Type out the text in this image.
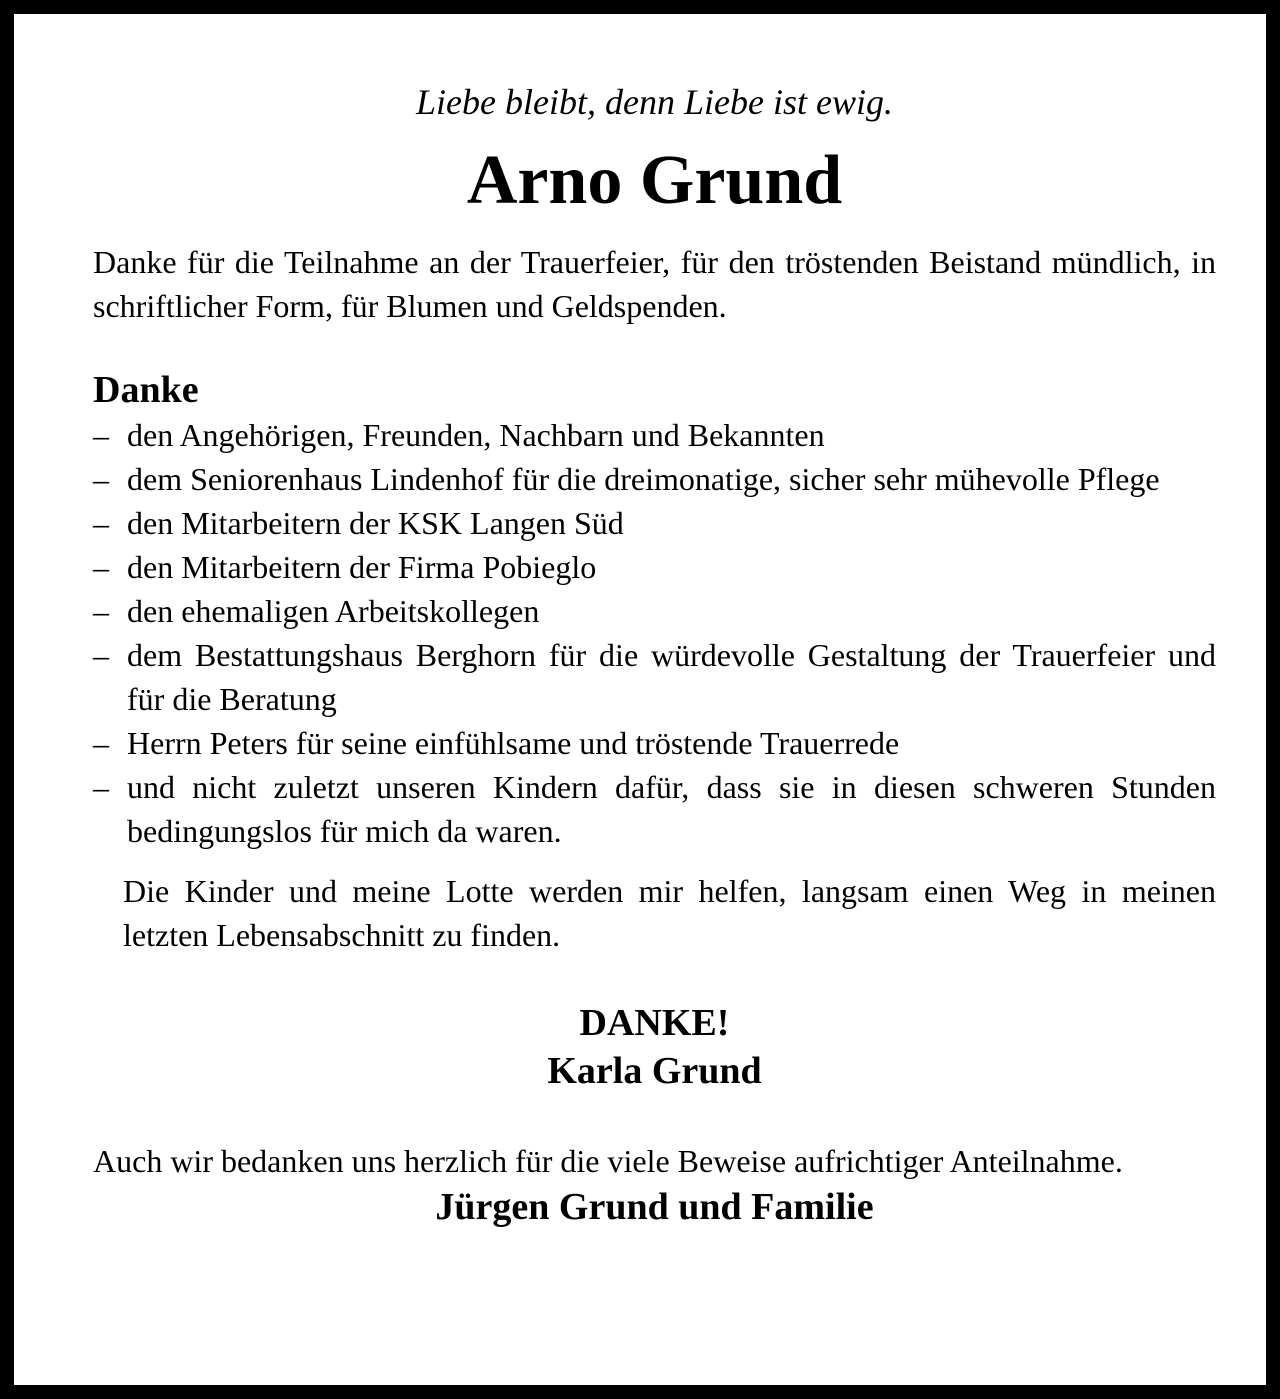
Liebe bleibt, denn Liebe ist ewig.

Arno Grund

Danke für die Teilnahme an der Trauerfeier, für den tröstenden Beistand mündlich, in schriftlicher Form, für Blumen und Geldspenden.

Danke
– den Angehörigen, Freunden, Nachbarn und Bekannten
– dem Seniorenhaus Lindenhof für die dreimonatige, sicher sehr mühevolle Pflege
– den Mitarbeitern der KSK Langen Süd
– den Mitarbeitern der Firma Pobieglo
– den ehemaligen Arbeitskollegen
– dem Bestattungshaus Berghorn für die würdevolle Gestaltung der Trauerfeier und für die Beratung
– Herrn Peters für seine einfühlsame und tröstende Trauerrede
– und nicht zuletzt unseren Kindern dafür, dass sie in diesen schweren Stunden bedingungslos für mich da waren.

Die Kinder und meine Lotte werden mir helfen, langsam einen Weg in meinen letzten Lebensabschnitt zu finden.

DANKE!
Karla Grund

Auch wir bedanken uns herzlich für die viele Beweise aufrichtiger Anteilnahme.

Jürgen Grund und Familie
